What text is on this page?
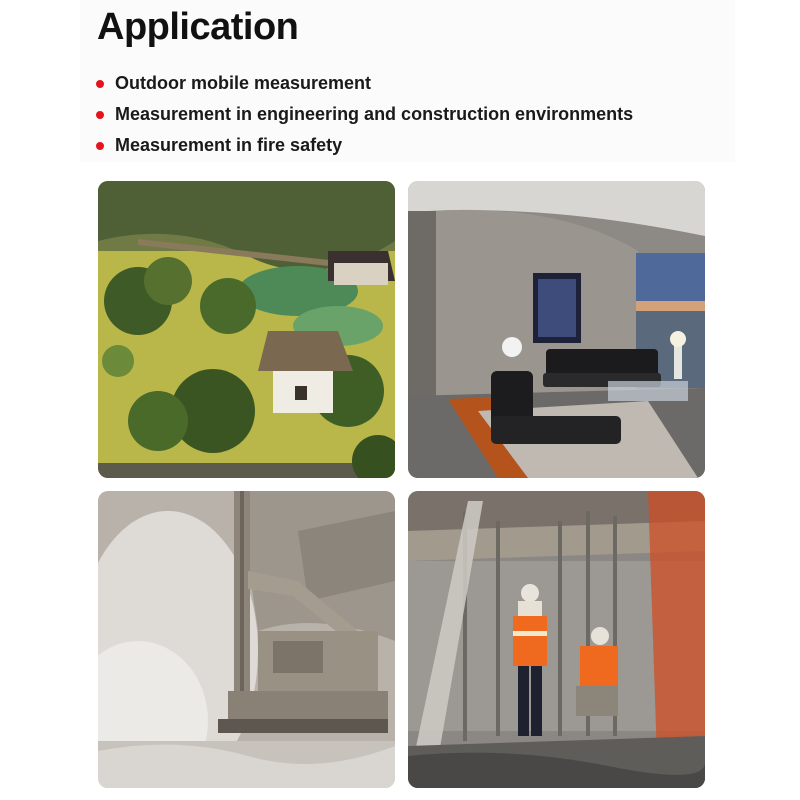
Application
Outdoor mobile measurement
Measurement in engineering and construction environments
Measurement in fire safety
